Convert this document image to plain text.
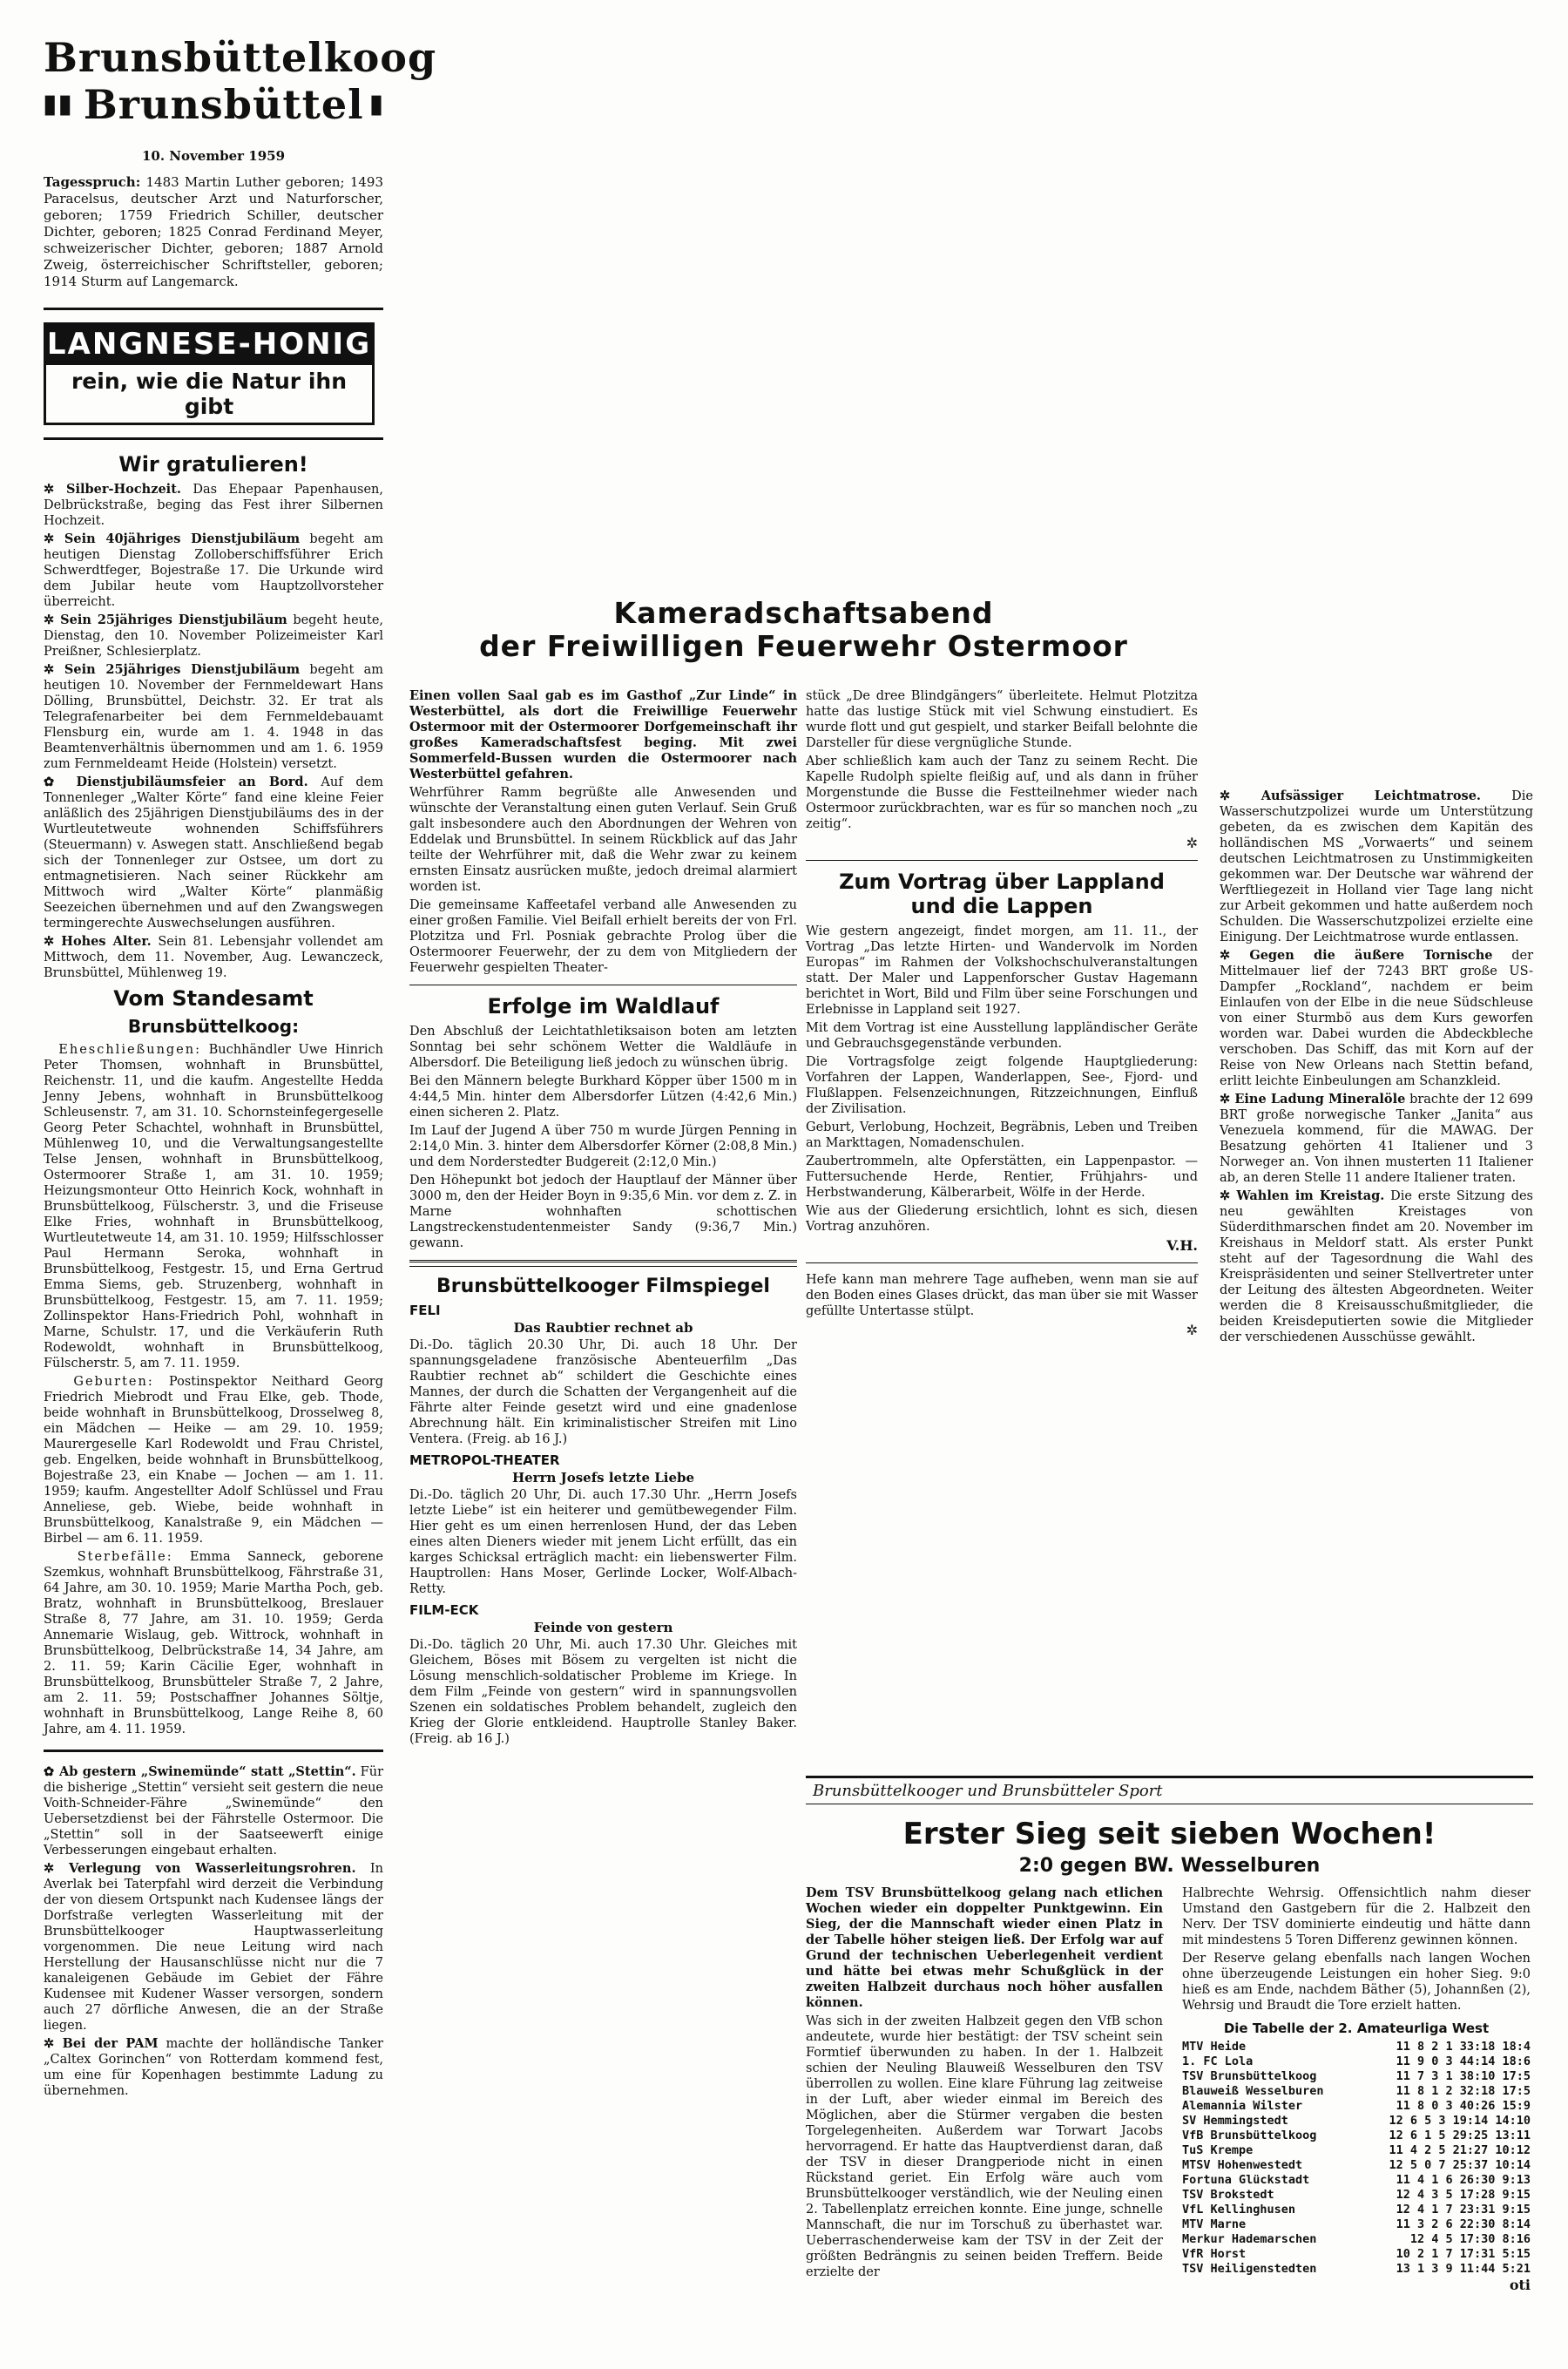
Brunsbüttelkoog
▮▮ Brunsbüttel ▮
10. November 1959

Tagesspruch: 1483 Martin Luther geboren; 1493 Paracelsus, deutscher Arzt und Naturforscher, geboren; 1759 Friedrich Schiller, deutscher Dichter, geboren; 1825 Conrad Ferdinand Meyer, schweizerischer Dichter, geboren; 1887 Arnold Zweig, österreichischer Schriftsteller, geboren; 1914 Sturm auf Langemarck.

LANGNESE-HONIG
rein, wie die Natur ihn gibt
Wir gratulieren!

✲ Silber-Hochzeit. Das Ehepaar Papenhausen, Delbrückstraße, beging das Fest ihrer Silbernen Hochzeit.

✲ Sein 40jähriges Dienstjubiläum begeht am heutigen Dienstag Zolloberschiffsführer Erich Schwerdtfeger, Bojestraße 17. Die Urkunde wird dem Jubilar heute vom Hauptzollvorsteher überreicht.

✲ Sein 25jähriges Dienstjubiläum begeht heute, Dienstag, den 10. November Polizeimeister Karl Preißner, Schlesierplatz.

✲ Sein 25jähriges Dienstjubiläum begeht am heutigen 10. November der Fernmeldewart Hans Dölling, Brunsbüttel, Deichstr. 32. Er trat als Telegrafenarbeiter bei dem Fernmeldebauamt Flensburg ein, wurde am 1. 4. 1948 in das Beamtenverhältnis übernommen und am 1. 6. 1959 zum Fernmeldeamt Heide (Holstein) versetzt.

✿ Dienstjubiläumsfeier an Bord. Auf dem Tonnenleger „Walter Körte“ fand eine kleine Feier anläßlich des 25jährigen Dienstjubiläums des in der Wurtleutetweute wohnenden Schiffsführers (Steuermann) v. Aswegen statt. Anschließend begab sich der Tonnenleger zur Ostsee, um dort zu entmagnetisieren. Nach seiner Rückkehr am Mittwoch wird „Walter Körte“ planmäßig Seezeichen übernehmen und auf den Zwangswegen termingerechte Auswechselungen ausführen.

✲ Hohes Alter. Sein 81. Lebensjahr vollendet am Mittwoch, dem 11. November, Aug. Lewanczeck, Brunsbüttel, Mühlenweg 19.

Vom Standesamt
Brunsbüttelkoog:

Eheschließungen: Buchhändler Uwe Hinrich Peter Thomsen, wohnhaft in Brunsbüttel, Reichenstr. 11, und die kaufm. Angestellte Hedda Jenny Jebens, wohnhaft in Brunsbüttelkoog Schleusenstr. 7, am 31. 10. Schornsteinfegergeselle Georg Peter Schachtel, wohnhaft in Brunsbüttel, Mühlenweg 10, und die Verwaltungsangestellte Telse Jensen, wohnhaft in Brunsbüttelkoog, Ostermoorer Straße 1, am 31. 10. 1959; Heizungsmonteur Otto Heinrich Kock, wohnhaft in Brunsbüttelkoog, Fülscherstr. 3, und die Friseuse Elke Fries, wohnhaft in Brunsbüttelkoog, Wurtleutetweute 14, am 31. 10. 1959; Hilfsschlosser Paul Hermann Seroka, wohnhaft in Brunsbüttelkoog, Festgestr. 15, und Erna Gertrud Emma Siems, geb. Struzenberg, wohnhaft in Brunsbüttelkoog, Festgestr. 15, am 7. 11. 1959; Zollinspektor Hans-Friedrich Pohl, wohnhaft in Marne, Schulstr. 17, und die Verkäuferin Ruth Rodewoldt, wohnhaft in Brunsbüttelkoog, Fülscherstr. 5, am 7. 11. 1959.

Geburten: Postinspektor Neithard Georg Friedrich Miebrodt und Frau Elke, geb. Thode, beide wohnhaft in Brunsbüttelkoog, Drosselweg 8, ein Mädchen — Heike — am 29. 10. 1959; Maurergeselle Karl Rodewoldt und Frau Christel, geb. Engelken, beide wohnhaft in Brunsbüttelkoog, Bojestraße 23, ein Knabe — Jochen — am 1. 11. 1959; kaufm. Angestellter Adolf Schlüssel und Frau Anneliese, geb. Wiebe, beide wohnhaft in Brunsbüttelkoog, Kanalstraße 9, ein Mädchen — Birbel — am 6. 11. 1959.

Sterbefälle: Emma Sanneck, geborene Szemkus, wohnhaft Brunsbüttelkoog, Fährstraße 31, 64 Jahre, am 30. 10. 1959; Marie Martha Poch, geb. Bratz, wohnhaft in Brunsbüttelkoog, Breslauer Straße 8, 77 Jahre, am 31. 10. 1959; Gerda Annemarie Wislaug, geb. Wittrock, wohnhaft in Brunsbüttelkoog, Delbrückstraße 14, 34 Jahre, am 2. 11. 59; Karin Cäcilie Eger, wohnhaft in Brunsbüttelkoog, Brunsbütteler Straße 7, 2 Jahre, am 2. 11. 59; Postschaffner Johannes Söltje, wohnhaft in Brunsbüttelkoog, Lange Reihe 8, 60 Jahre, am 4. 11. 1959.

✿ Ab gestern „Swinemünde“ statt „Stettin“. Für die bisherige „Stettin“ versieht seit gestern die neue Voith-Schneider-Fähre „Swinemünde“ den Uebersetzdienst bei der Fährstelle Ostermoor. Die „Stettin“ soll in der Saatseewerft einige Verbesserungen eingebaut erhalten.

✲ Verlegung von Wasserleitungsrohren. In Averlak bei Taterpfahl wird derzeit die Verbindung der von diesem Ortspunkt nach Kudensee längs der Dorfstraße verlegten Wasserleitung mit der Brunsbüttelkooger Hauptwasserleitung vorgenommen. Die neue Leitung wird nach Herstellung der Hausanschlüsse nicht nur die 7 kanaleigenen Gebäude im Gebiet der Fähre Kudensee mit Kudener Wasser versorgen, sondern auch 27 dörfliche Anwesen, die an der Straße liegen.

✲ Bei der PAM machte der holländische Tanker „Caltex Gorinchen“ von Rotterdam kommend fest, um eine für Kopenhagen bestimmte Ladung zu übernehmen.

Kameradschaftsabend
der Freiwilligen Feuerwehr Ostermoor

Einen vollen Saal gab es im Gasthof „Zur Linde“ in Westerbüttel, als dort die Freiwillige Feuerwehr Ostermoor mit der Ostermoorer Dorfgemeinschaft ihr großes Kameradschaftsfest beging. Mit zwei Sommerfeld-Bussen wurden die Ostermoorer nach Westerbüttel gefahren.

Wehrführer Ramm begrüßte alle Anwesenden und wünschte der Veranstaltung einen guten Verlauf. Sein Gruß galt insbesondere auch den Abordnungen der Wehren von Eddelak und Brunsbüttel. In seinem Rückblick auf das Jahr teilte der Wehrführer mit, daß die Wehr zwar zu keinem ernsten Einsatz ausrücken mußte, jedoch dreimal alarmiert worden ist.

Die gemeinsame Kaffeetafel verband alle Anwesenden zu einer großen Familie. Viel Beifall erhielt bereits der von Frl. Plotzitza und Frl. Posniak gebrachte Prolog über die Ostermoorer Feuerwehr, der zu dem von Mitgliedern der Feuerwehr gespielten Theater-

Erfolge im Waldlauf

Den Abschluß der Leichtathletiksaison boten am letzten Sonntag bei sehr schönem Wetter die Waldläufe in Albersdorf. Die Beteiligung ließ jedoch zu wünschen übrig.

Bei den Männern belegte Burkhard Köpper über 1500 m in 4:44,5 Min. hinter dem Albersdorfer Lützen (4:42,6 Min.) einen sicheren 2. Platz.

Im Lauf der Jugend A über 750 m wurde Jürgen Penning in 2:14,0 Min. 3. hinter dem Albersdorfer Körner (2:08,8 Min.) und dem Norderstedter Budgereit (2:12,0 Min.)

Den Höhepunkt bot jedoch der Hauptlauf der Männer über 3000 m, den der Heider Boyn in 9:35,6 Min. vor dem z. Z. in Marne wohnhaften schottischen Langstreckenstudentenmeister Sandy (9:36,7 Min.) gewann.

Brunsbüttelkooger Filmspiegel
FELI
Das Raubtier rechnet ab

Di.-Do. täglich 20.30 Uhr, Di. auch 18 Uhr. Der spannungsgeladene französische Abenteuerfilm „Das Raubtier rechnet ab“ schildert die Geschichte eines Mannes, der durch die Schatten der Vergangenheit auf die Fährte alter Feinde gesetzt wird und eine gnadenlose Abrechnung hält. Ein kriminalistischer Streifen mit Lino Ventera. (Freig. ab 16 J.)

METROPOL-THEATER
Herrn Josefs letzte Liebe

Di.-Do. täglich 20 Uhr, Di. auch 17.30 Uhr. „Herrn Josefs letzte Liebe“ ist ein heiterer und gemütbewegender Film. Hier geht es um einen herrenlosen Hund, der das Leben eines alten Dieners wieder mit jenem Licht erfüllt, das ein karges Schicksal erträglich macht: ein liebenswerter Film. Hauptrollen: Hans Moser, Gerlinde Locker, Wolf-Albach-Retty.

FILM-ECK
Feinde von gestern

Di.-Do. täglich 20 Uhr, Mi. auch 17.30 Uhr. Gleiches mit Gleichem, Böses mit Bösem zu vergelten ist nicht die Lösung menschlich-soldatischer Probleme im Kriege. In dem Film „Feinde von gestern“ wird in spannungsvollen Szenen ein soldatisches Problem behandelt, zugleich den Krieg der Glorie entkleidend. Hauptrolle Stanley Baker. (Freig. ab 16 J.)

stück „De dree Blindgängers“ überleitete. Helmut Plotzitza hatte das lustige Stück mit viel Schwung einstudiert. Es wurde flott und gut gespielt, und starker Beifall belohnte die Darsteller für diese vergnügliche Stunde.

Aber schließlich kam auch der Tanz zu seinem Recht. Die Kapelle Rudolph spielte fleißig auf, und als dann in früher Morgenstunde die Busse die Festteilnehmer wieder nach Ostermoor zurückbrachten, war es für so manchen noch „zu zeitig“.

✲
Zum Vortrag über Lappland
und die Lappen

Wie gestern angezeigt, findet morgen, am 11. 11., der Vortrag „Das letzte Hirten- und Wandervolk im Norden Europas“ im Rahmen der Volkshochschulveranstaltungen statt. Der Maler und Lappenforscher Gustav Hagemann berichtet in Wort, Bild und Film über seine Forschungen und Erlebnisse in Lappland seit 1927.

Mit dem Vortrag ist eine Ausstellung lappländischer Geräte und Gebrauchsgegenstände verbunden.

Die Vortragsfolge zeigt folgende Hauptgliederung: Vorfahren der Lappen, Wanderlappen, See-, Fjord- und Flußlappen. Felsenzeichnungen, Ritzzeichnungen, Einfluß der Zivilisation.

Geburt, Verlobung, Hochzeit, Begräbnis, Leben und Treiben an Markttagen, Nomadenschulen.

Zaubertrommeln, alte Opferstätten, ein Lappenpastor. — Futtersuchende Herde, Rentier, Frühjahrs- und Herbstwanderung, Kälberarbeit, Wölfe in der Herde.

Wie aus der Gliederung ersichtlich, lohnt es sich, diesen Vortrag anzuhören.

V.H.

Hefe kann man mehrere Tage aufheben, wenn man sie auf den Boden eines Glases drückt, das man über sie mit Wasser gefüllte Untertasse stülpt.

✲

✲ Aufsässiger Leichtmatrose. Die Wasserschutzpolizei wurde um Unterstützung gebeten, da es zwischen dem Kapitän des holländischen MS „Vorwaerts“ und seinem deutschen Leichtmatrosen zu Unstimmigkeiten gekommen war. Der Deutsche war während der Werftliegezeit in Holland vier Tage lang nicht zur Arbeit gekommen und hatte außerdem noch Schulden. Die Wasserschutzpolizei erzielte eine Einigung. Der Leichtmatrose wurde entlassen.

✲ Gegen die äußere Tornische der Mittelmauer lief der 7243 BRT große US-Dampfer „Rockland“, nachdem er beim Einlaufen von der Elbe in die neue Südschleuse von einer Sturmbö aus dem Kurs geworfen worden war. Dabei wurden die Abdeckbleche verschoben. Das Schiff, das mit Korn auf der Reise von New Orleans nach Stettin befand, erlitt leichte Einbeulungen am Schanzkleid.

✲ Eine Ladung Mineralöle brachte der 12 699 BRT große norwegische Tanker „Janita“ aus Venezuela kommend, für die MAWAG. Der Besatzung gehörten 41 Italiener und 3 Norweger an. Von ihnen musterten 11 Italiener ab, an deren Stelle 11 andere Italiener traten.

✲ Wahlen im Kreistag. Die erste Sitzung des neu gewählten Kreistages von Süderdithmarschen findet am 20. November im Kreishaus in Meldorf statt. Als erster Punkt steht auf der Tagesordnung die Wahl des Kreispräsidenten und seiner Stellvertreter unter der Leitung des ältesten Abgeordneten. Weiter werden die 8 Kreisausschußmitglieder, die beiden Kreisdeputierten sowie die Mitglieder der verschiedenen Ausschüsse gewählt.

Brunsbüttelkooger und Brunsbütteler Sport
Erster Sieg seit sieben Wochen!
2:0 gegen BW. Wesselburen

Dem TSV Brunsbüttelkoog gelang nach etlichen Wochen wieder ein doppelter Punktgewinn. Ein Sieg, der die Mannschaft wieder einen Platz in der Tabelle höher steigen ließ. Der Erfolg war auf Grund der technischen Ueberlegenheit verdient und hätte bei etwas mehr Schußglück in der zweiten Halbzeit durchaus noch höher ausfallen können.

Was sich in der zweiten Halbzeit gegen den VfB schon andeutete, wurde hier bestätigt: der TSV scheint sein Formtief überwunden zu haben. In der 1. Halbzeit schien der Neuling Blauweiß Wesselburen den TSV überrollen zu wollen. Eine klare Führung lag zeitweise in der Luft, aber wieder einmal im Bereich des Möglichen, aber die Stürmer vergaben die besten Torgelegenheiten. Außerdem war Torwart Jacobs hervorragend. Er hatte das Hauptverdienst daran, daß der TSV in dieser Drangperiode nicht in einen Rückstand geriet. Ein Erfolg wäre auch vom Brunsbüttelkooger verständlich, wie der Neuling einen 2. Tabellenplatz erreichen konnte. Eine junge, schnelle Mannschaft, die nur im Torschuß zu überhastet war. Ueberraschenderweise kam der TSV in der Zeit der größten Bedrängnis zu seinen beiden Treffern. Beide erzielte der

Halbrechte Wehrsig. Offensichtlich nahm dieser Umstand den Gastgebern für die 2. Halbzeit den Nerv. Der TSV dominierte eindeutig und hätte dann mit mindestens 5 Toren Differenz gewinnen können.

Der Reserve gelang ebenfalls nach langen Wochen ohne überzeugende Leistungen ein hoher Sieg. 9:0 hieß es am Ende, nachdem Bäther (5), Johannßen (2), Wehrsig und Braudt die Tore erzielt hatten.

Die Tabelle der 2. Amateurliga West
MTV Heide	11 8 2 1 33:18 18:4
1. FC Lola	11 9 0 3 44:14 18:6
TSV Brunsbüttelkoog	11 7 3 1 38:10 17:5
Blauweiß Wesselburen	11 8 1 2 32:18 17:5
Alemannia Wilster	11 8 0 3 40:26 15:9
SV Hemmingstedt	12 6 5 3 19:14 14:10
VfB Brunsbüttelkoog	12 6 1 5 29:25 13:11
TuS Krempe	11 4 2 5 21:27 10:12
MTSV Hohenwestedt	12 5 0 7 25:37 10:14
Fortuna Glückstadt	11 4 1 6 26:30 9:13
TSV Brokstedt	12 4 3 5 17:28 9:15
VfL Kellinghusen	12 4 1 7 23:31 9:15
MTV Marne	11 3 2 6 22:30 8:14
Merkur Hademarschen	12 4 5 17:30 8:16
VfR Horst	10 2 1 7 17:31 5:15
TSV Heiligenstedten	13 1 3 9 11:44 5:21
oti
